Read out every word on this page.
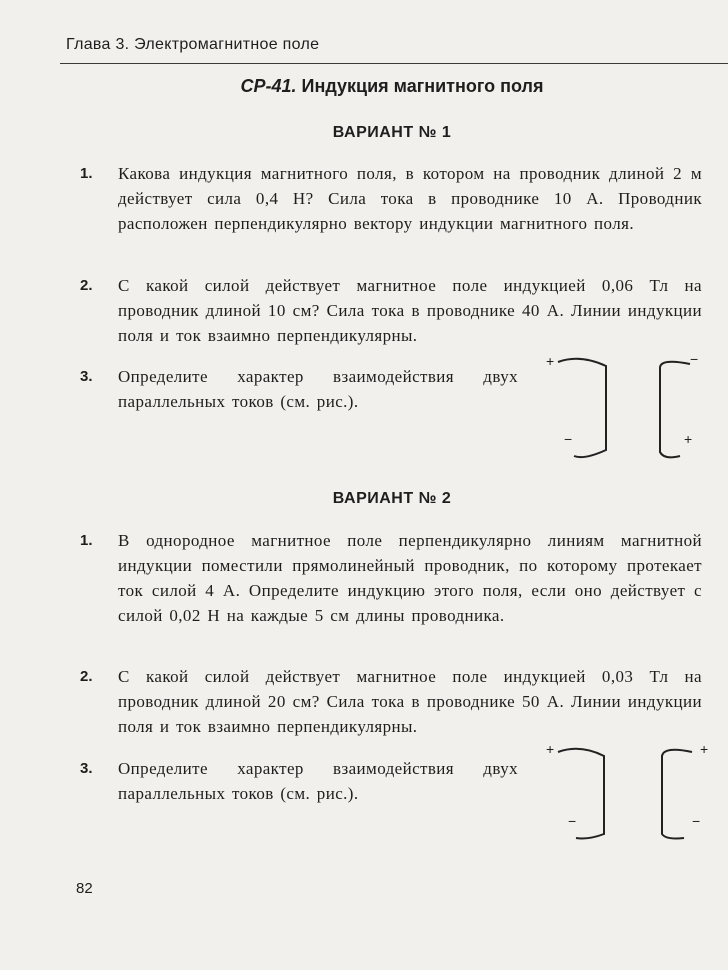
Глава 3. Электромагнитное поле
СР-41. Индукция магнитного поля
ВАРИАНТ № 1
1. Какова индукция магнитного поля, в котором на проводник длиной 2 м действует сила 0,4 Н? Сила тока в проводнике 10 А. Проводник расположен перпендикулярно вектору индукции магнитного поля.
2. С какой силой действует магнитное поле индукцией 0,06 Тл на проводник длиной 10 см? Сила тока в проводнике 40 А. Линии индукции поля и ток взаимно перпендикулярны.
3. Определите характер взаимодействия двух параллельных токов (см. рис.).
+
−
−
+
ВАРИАНТ № 2
1. В однородное магнитное поле перпендикулярно линиям магнитной индукции поместили прямолинейный проводник, по которому протекает ток силой 4 А. Определите индукцию этого поля, если оно действует с силой 0,02 Н на каждые 5 см длины проводника.
2. С какой силой действует магнитное поле индукцией 0,03 Тл на проводник длиной 20 см? Сила тока в проводнике 50 А. Линии индукции поля и ток взаимно перпендикулярны.
3. Определите характер взаимодействия двух параллельных токов (см. рис.).
+
−
+
−
82
